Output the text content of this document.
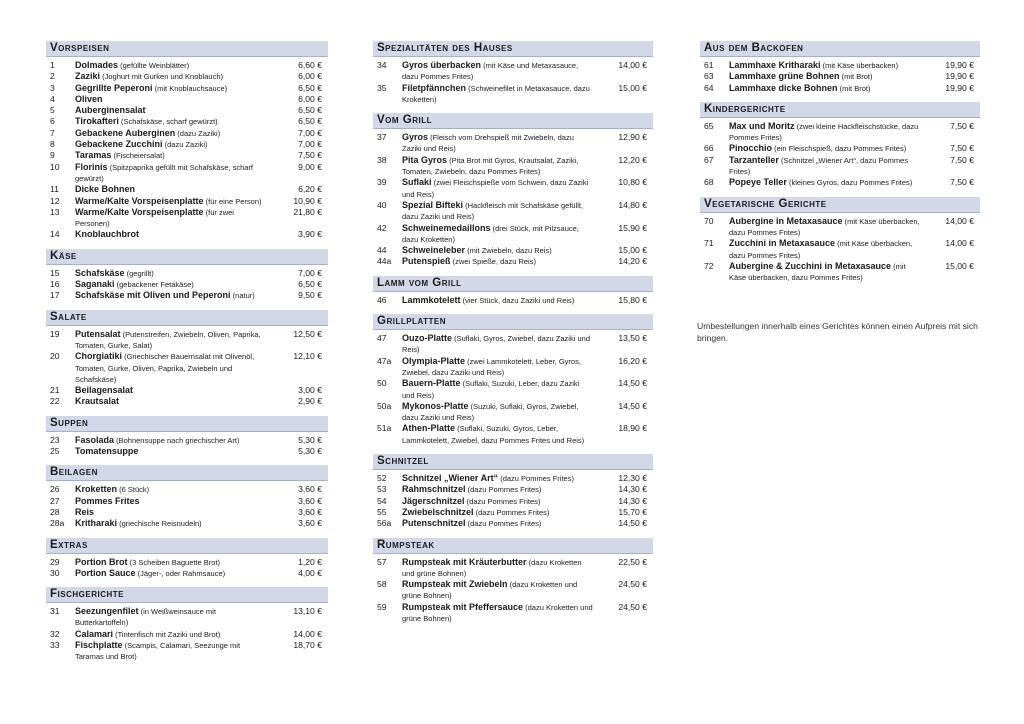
Vorspeisen
1	Dolmades (gefüllte Weinblätter)	6,60 €
2	Zaziki (Joghurt mit Gurken und Knoblauch)	6,00 €
3	Gegrillte Peperoni (mit Knoblauchsauce)	6,50 €
4	Oliven	6,00 €
5	Auberginensalat	6,50 €
6	Tirokafteri (Schafskäse, scharf gewürzt)	6,50 €
7	Gebackene Auberginen (dazu Zaziki)	7,00 €
8	Gebackene Zucchini (dazu Zaziki)	7,00 €
9	Taramas (Fischeiersalat)	7,50 €
10	Florinis (Spitzpaprika gefüllt mit Schafskäse, scharf gewürzt)
9,00 €
11	Dicke Bohnen	6,20 €
12	Warme/Kalte Vorspeisenplatte (für eine Person)	10,90 €
13	Warme/Kalte Vorspeisenplatte (für zwei Personen)
21,80 €
14	Knoblauchbrot	3,90 €
Käse
15	Schafskäse (gegrillt)	7,00 €
16	Saganaki (gebackener Fetakäse)	6,50 €
17	Schafskäse mit Oliven und Peperoni (natur)	9,50 €
Salate
19	Putensalat (Putenstreifen, Zwiebeln, Oliven, Paprika, Tomaten, Gurke, Salat)
12,50 €
20	Chorgiatiki (Griechischer Bauernsalat mit Olivenöl, Tomaten, Gurke, Oliven, Paprika, Zwiebeln und Schafskäse)
12,10 €
21	Beilagensalat	3,00 €
22	Krautsalat	2,90 €
Suppen
23	Fasolada (Bohnensuppe nach griechischer Art)	5,30 €
25	Tomatensuppe	5,30 €
Beilagen
26	Kroketten (6 Stück)	3,60 €
27	Pommes Frites	3,60 €
28	Reis	3,60 €
28a	Kritharaki (griechische Reisnudeln)	3,60 €
Extras
29	Portion Brot (3 Scheiben Baguette Brot)	1,20 €
30	Portion Sauce (Jäger-, oder Rahmsauce)	4,00 €
Fischgerichte
31	Seezungenfilet (in Weißweinsauce mit Butterkartoffeln)
13,10 €
32	Calamari (Tintenfisch mit Zaziki und Brot)	14,00 €
33	Fischplatte (Scampis, Calamari, Seezunge mit Taramas und Brot)
18,70 €
Spezialitäten des Hauses
34	Gyros überbacken (mit Käse und Metaxasauce, dazu Pommes Frites)
14,00 €
35	Filetpfännchen (Schweinefilet in Metaxasauce, dazu Kroketten)
15,00 €
Vom Grill
37	Gyros (Fleisch vom Drehspieß mit Zwiebeln, dazu Zaziki und Reis)
12,90 €
38	Pita Gyros (Pita Brot mit Gyros, Krautsalat, Zaziki, Tomaten, Zwiebeln, dazu Pommes Frites)
12,20 €
39	Suflaki (zwei Fleischspieße vom Schwein, dazu Zaziki und Reis)
10,80 €
40	Spezial Bifteki (Hackfleisch mit Schafskäse gefüllt, dazu Zaziki und Reis)
14,80 €
42	Schweinemedaillons (drei Stück, mit Pilzsauce, dazu Kroketten)
15,90 €
44	Schweineleber (mit Zwiebeln, dazu Reis)	15,00 €
44a	Putenspieß (zwei Spieße, dazu Reis)	14,20 €
Lamm vom Grill
46	Lammkotelett (vier Stück, dazu Zaziki und Reis)	15,80 €
Grillplatten
47	Ouzo-Platte (Suflaki, Gyros, Zwiebel, dazu Zaziki und Reis)
13,50 €
47a	Olympia-Platte (zwei Lammkotelett, Leber, Gyros, Zwiebel, dazu Zaziki und Reis)
16,20 €
50	Bauern-Platte (Suflaki, Suzuki, Leber, dazu Zaziki und Reis)
14,50 €
50a	Mykonos-Platte (Suzuki, Suflaki, Gyros, Zwiebel, dazu Zaziki und Reis)
14,50 €
51a	Athen-Platte (Suflaki, Suzuki, Gyros, Leber, Lammkotelett, Zwiebel, dazu Pommes Frites und Reis)
18,90 €
Schnitzel
52	Schnitzel „Wiener Art“ (dazu Pommes Frites)	12,30 €
53	Rahmschnitzel (dazu Pommes Frites)	14,30 €
54	Jägerschnitzel (dazu Pommes Frites)	14,30 €
55	Zwiebelschnitzel (dazu Pommes Frites)	15,70 €
56a	Putenschnitzel (dazu Pommes Frites)	14,50 €
Rumpsteak
57	Rumpsteak mit Kräuterbutter (dazu Kroketten und grüne Bohnen)
22,50 €
58	Rumpsteak mit Zwiebeln (dazu Kroketten und grüne Bohnen)
24,50 €
59	Rumpsteak mit Pfeffersauce (dazu Kroketten und grüne Bohnen)
24,50 €
Aus dem Backofen
61	Lammhaxe Kritharaki (mit Käse überbacken)	19,90 €
63	Lammhaxe grüne Bohnen (mit Brot)	19,90 €
64	Lammhaxe dicke Bohnen (mit Brot)	19,90 €
Kindergerichte
65	Max und Moritz (zwei kleine Hackfleischstücke, dazu Pommes Frites)
7,50 €
66	Pinocchio (ein Fleischspieß, dazu Pommes Frites)	7,50 €
67	Tarzanteller (Schnitzel „Wiener Art“, dazu Pommes Frites)
7,50 €
68	Popeye Teller (kleines Gyros, dazu Pommes Frites)	7,50 €
Vegetarische Gerichte
70	Aubergine in Metaxasauce (mit Käse überbacken, dazu Pommes Frites)
14,00 €
71	Zucchini in Metaxasauce (mit Käse überbacken, dazu Pommes Frites)
14,00 €
72	Aubergine & Zucchini in Metaxasauce (mit Käse überbacken, dazu Pommes Frites)
15,00 €
Umbestellungen innerhalb eines Gerichtes können einen Aufpreis mit sich bringen.
